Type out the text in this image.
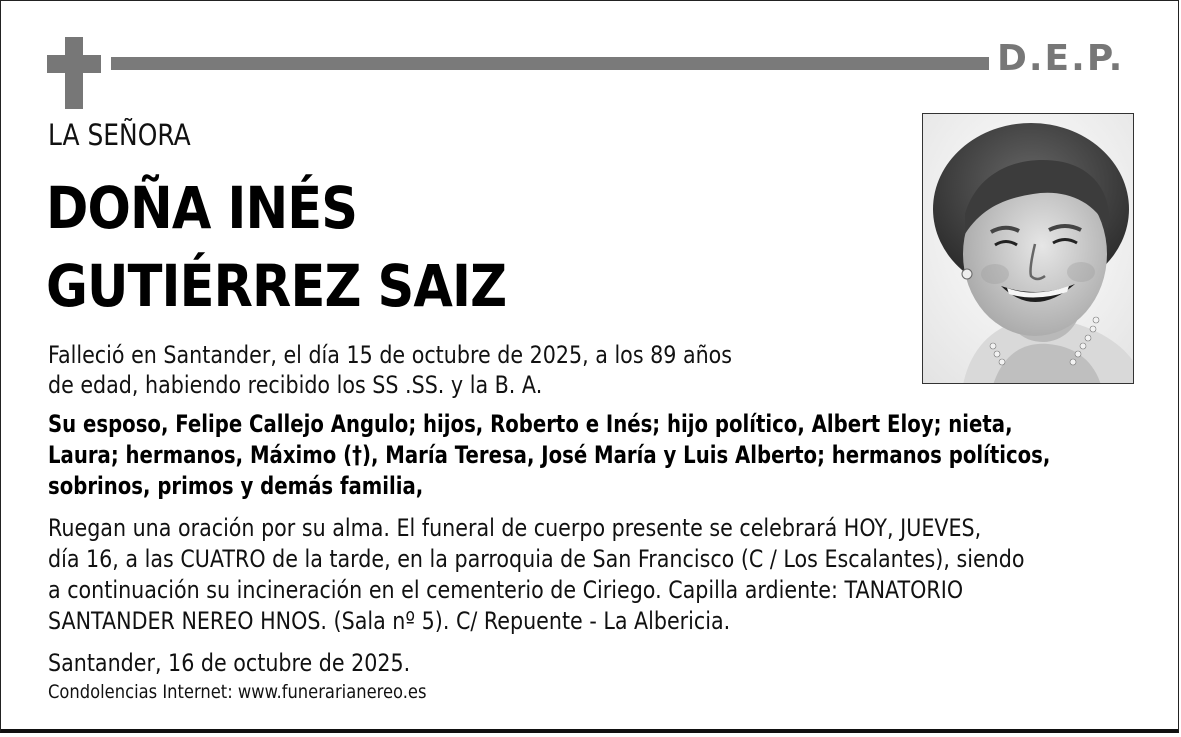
D.E.P.
LA SEÑORA
DOÑA INÉS
GUTIÉRREZ SAIZ
Falleció en Santander, el día 15 de octubre de 2025, a los 89 años
de edad, habiendo recibido los SS .SS. y la B. A.
Su esposo, Felipe Callejo Angulo; hijos, Roberto e Inés; hijo político, Albert Eloy; nieta,
Laura; hermanos, Máximo (†), María Teresa, José María y Luis Alberto; hermanos políticos,
sobrinos, primos y demás familia,
Ruegan una oración por su alma. El funeral de cuerpo presente se celebrará HOY, JUEVES,
día 16, a las CUATRO de la tarde, en la parroquia de San Francisco (C / Los Escalantes), siendo
a continuación su incineración en el cementerio de Ciriego. Capilla ardiente: TANATORIO
SANTANDER NEREO HNOS. (Sala nº 5). C/ Repuente - La Albericia.
Santander, 16 de octubre de 2025.
Condolencias Internet: www.funerarianereo.es
